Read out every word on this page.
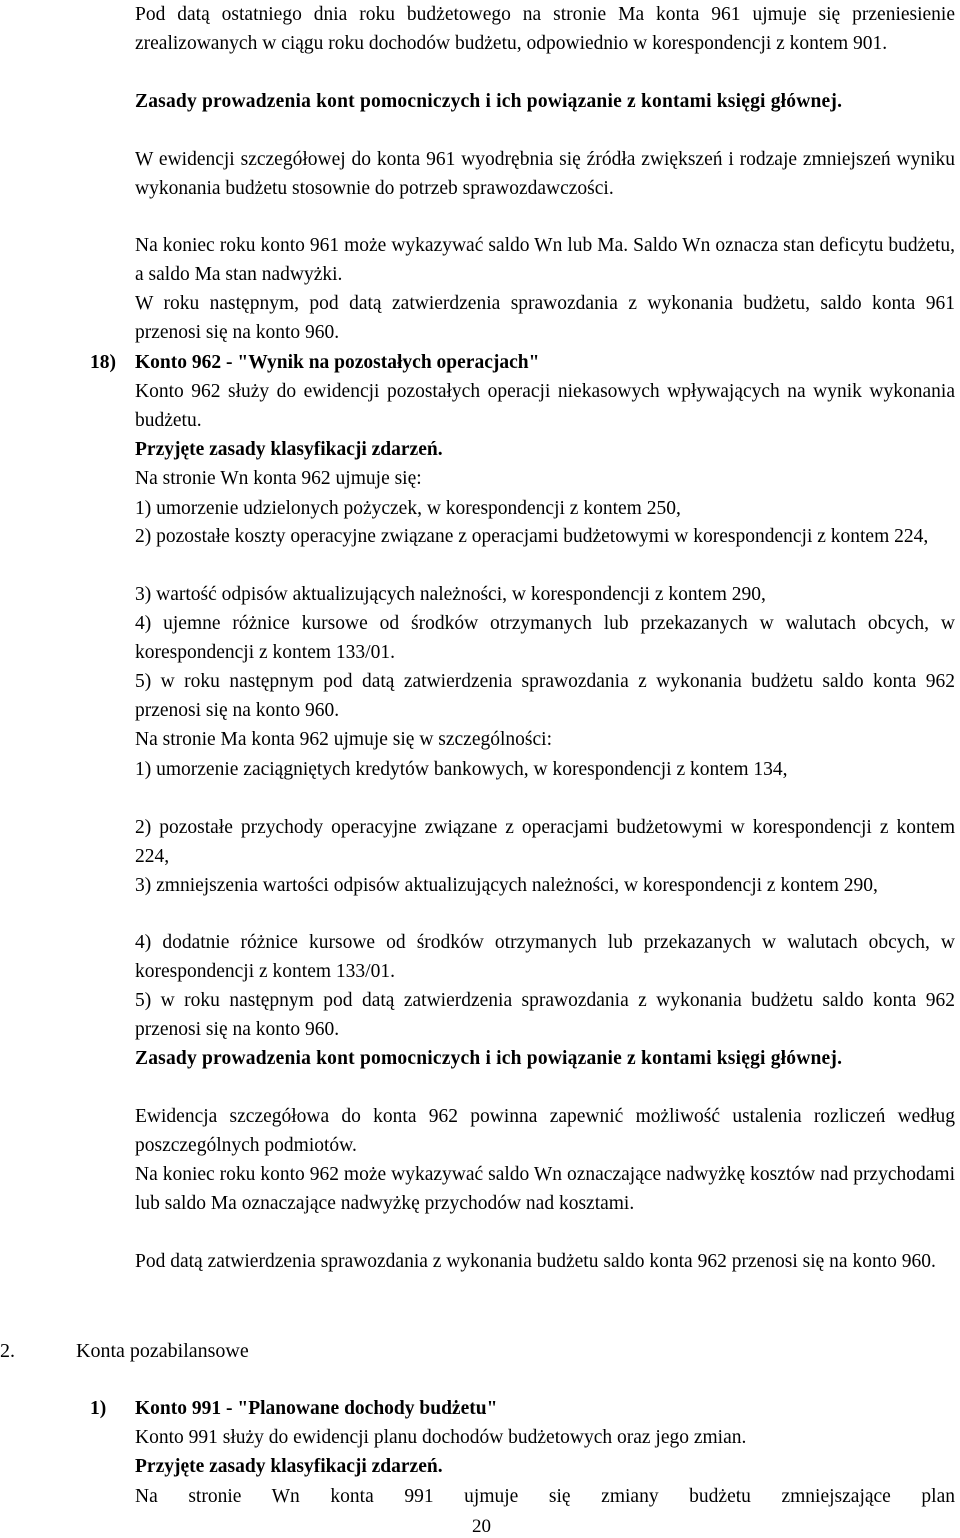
Pod datą ostatniego dnia roku budżetowego na stronie Ma konta 961 ujmuje się przeniesienie zrealizowanych w ciągu roku dochodów budżetu, odpowiednio w korespondencji z kontem 901.

Zasady prowadzenia kont pomocniczych i ich powiązanie z kontami księgi głównej.

W ewidencji szczegółowej do konta 961 wyodrębnia się źródła zwiększeń i rodzaje zmniejszeń wyniku wykonania budżetu stosownie do potrzeb sprawozdawczości.

Na koniec roku konto 961 może wykazywać saldo Wn lub Ma. Saldo Wn oznacza stan deficytu budżetu, a saldo Ma stan nadwyżki.

W roku następnym, pod datą zatwierdzenia sprawozdania z wykonania budżetu, saldo konta 961 przenosi się na konto 960.

18) Konto 962 - "Wynik na pozostałych operacjach"

Konto 962 służy do ewidencji pozostałych operacji niekasowych wpływających na wynik wykonania budżetu.

Przyjęte zasady klasyfikacji zdarzeń.

Na stronie Wn konta 962 ujmuje się:

1) umorzenie udzielonych pożyczek, w korespondencji z kontem 250,

2) pozostałe koszty operacyjne związane z operacjami budżetowymi w korespondencji z kontem 224,

3) wartość odpisów aktualizujących należności, w korespondencji z kontem 290,

4) ujemne różnice kursowe od środków otrzymanych lub przekazanych w walutach obcych, w korespondencji z kontem 133/01.

5) w roku następnym pod datą zatwierdzenia sprawozdania z wykonania budżetu saldo konta 962 przenosi się na konto 960.

Na stronie Ma konta 962 ujmuje się w szczególności:

1) umorzenie zaciągniętych kredytów bankowych, w korespondencji z kontem 134,

2) pozostałe przychody operacyjne związane z operacjami budżetowymi w korespondencji z kontem 224,

3) zmniejszenia wartości odpisów aktualizujących należności, w korespondencji z kontem 290,

4) dodatnie różnice kursowe od środków otrzymanych lub przekazanych w walutach obcych, w korespondencji z kontem 133/01.

5) w roku następnym pod datą zatwierdzenia sprawozdania z wykonania budżetu saldo konta 962 przenosi się na konto 960.

Zasady prowadzenia kont pomocniczych i ich powiązanie z kontami księgi głównej.

Ewidencja szczegółowa do konta 962 powinna zapewnić możliwość ustalenia rozliczeń według poszczególnych podmiotów.

Na koniec roku konto 962 może wykazywać saldo Wn oznaczające nadwyżkę kosztów nad przychodami lub saldo Ma oznaczające nadwyżkę przychodów nad kosztami.

Pod datą zatwierdzenia sprawozdania z wykonania budżetu saldo konta 962 przenosi się na konto 960.

2.	Konta pozabilansowe
1) Konto 991 - "Planowane dochody budżetu"

Konto 991 służy do ewidencji planu dochodów budżetowych oraz jego zmian.

Przyjęte zasady klasyfikacji zdarzeń.

Na stronie Wn konta 991 ujmuje się zmiany budżetu zmniejszające plan

20
